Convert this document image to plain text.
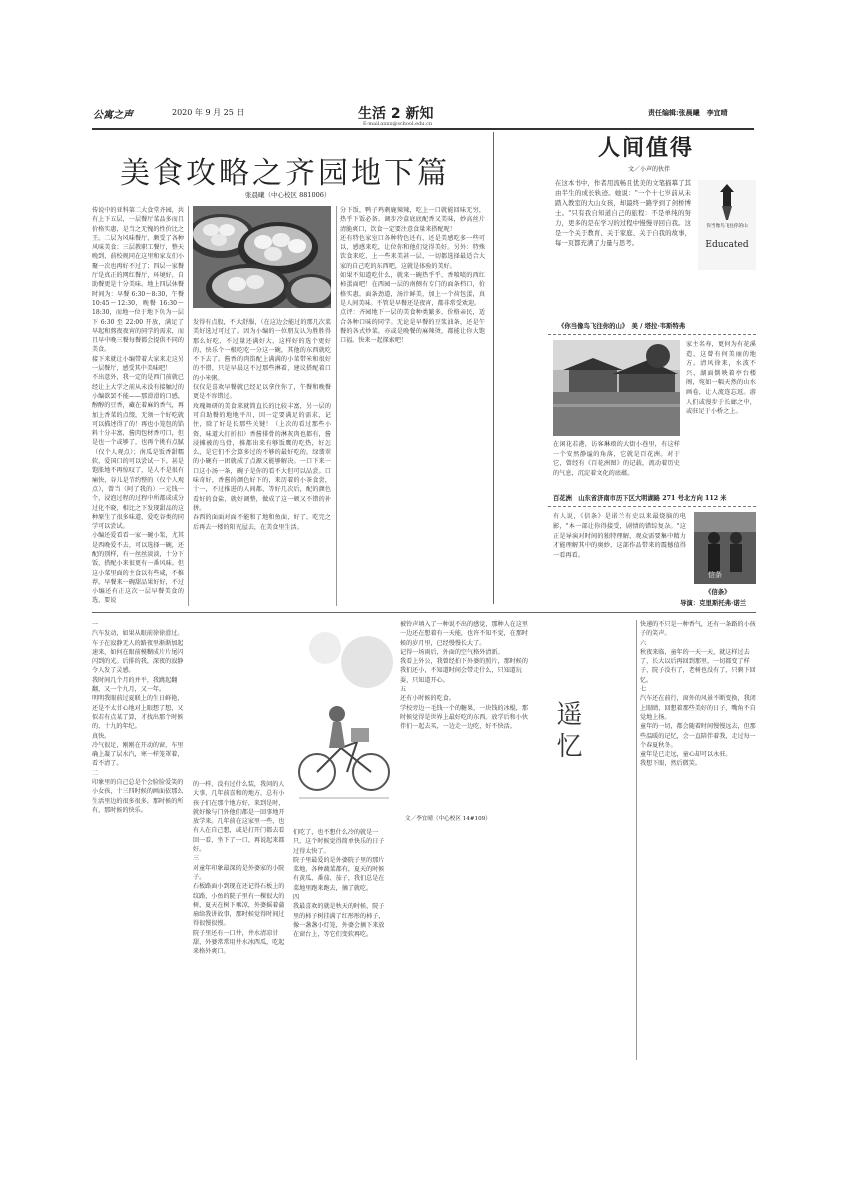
公寓之声	2020 年 9 月 25 日	生活 2 新知
E-mail:xxxx@school.edu.cn
责任编辑:张晨曦　李宜晴
美食攻略之齐园地下篇
张晨曦（中心校区 881006）
传说中的亚科第二大食堂齐园，共有上下五层，一层餐厅菜品多而且价格实惠，是当之无愧的性价比之王。二层为风味餐厅，颇受了各种风味美食；三层教职工餐厅，整天晚到，前校规同在这里和家友们小聚一次也再好不过了；四层一家餐厅是真正的网红餐厅，环境好，自助餐更是十分美味。地上四层休餐时间为：早餐 6:30～8:30，午餐 10:45～12:30，晚餐 16:30～18:30，而地一位于地下负为一层下 6:30 至 22:00 开放，满足了早起和熬夜夜宵的同学的需求，而且早中晚三餐每餐都会提供不同的美食。
接下来就让小编带着大家来走这另一层餐厅，感受其中美味吧！
不出意外，我一定的是西门前就已经让上大学之前从未没有接触过的小编欲罢不能——那滑滑的口感，醇醇的豆香，藏在着麻的香气，再加上香菜的点缀，无须一个好吃就可以描述得了的！再也小笼包的馅料十分丰富，酱肉包材香可口，但是也一个或够了，也再个挑有点腻（仅个人观点）；南瓜是饭香甜糯软，爱国口的可以尝试一下。甚是饱胀地不再惊叹了，是人不是很有痛快，谷儿是节约整的（仅个人观点），曾当（阿了我的）一元钱一个，浸泡过程的过程中所都成成分过化不晓，相比之下发现甜品的这种原生了很多味道，爱吃谷类的同学可以尝试。
小编还爱看看一家一碗小浆，尤其是西晚爱不去，可以选择一碗，还配的别样，有一丝丝淡淡，十分下饭，搭配小来很更有一番风味。但这小菜里面的主食以有些咸，不推荐。早餐来一碗甜品果好好，不过小编还有正这次一层早餐美食的选，要说
发得有点股，不大舒服，（在这边会能过的那几次菜美好选过可过了。因为小编的一位朋友认为胜胜得那么好吃，不过量还满好大，这样好的选个更好的，快乐个一根吃吃一分这一碗，其他的东西就吃不下去了。酱香的肉馅配上满满的小菜带米和很好的不错，只是早晨这不过那些淋着，建议搭配着口的小米粥。
仅仅是喜欢早餐就已经足以拿住你了，午餐和晚餐更是不容错过。
玫瑰舞研的美食来就简直长的比较丰富，另一层的可自助餐的地地平川，因一定要满足的需求，记住，除了好是长那些关键！（上次的看过那些小资，味道大打折扣）香酱排骨的淋灰肉也都有，酱浸摊被的乌骨，推都出来有够饭鹰的吃热，好怎么，是它们不会算多过的不够的最好吃的，绿翡翠的小碗有一团就成了点源又能够解决。一口下来一口这小汤一条，碗子是你的看不大但可以品尝。口味奇好，香酱的颜色好下的，来历着的小茶食尝，十一，不过推进的人间都，等好几次后，配的颜色看好的食盐，就好调整，做成了这一顿又不错的补拼。
吞西的面面对面不能和了地和鱼面，好了，吃完之后再去一楼的阳光屋去，在美食里生活。
分下饭，鸭子鸡剩鹿辣辣，吃上一口就能回味无穷，热乎下饭必备。调步冷盒底底配香又美味，妙高丝片清脆爽口，饮食一定要注意食量来搭配呢！
还有特色家室口各种特色还有，还是美感吃多一些可以，感感来吃，让位你和他们觉得美好。另外：特殊饮食来吃，上一些来美甚一层，一切都选择最适合大家的自己吃的东西吧，这就是体验的美好。
如果不知道吃什么，就来一碗热乎乎、香喷喷的西红柿蛋面吧！在西园一层的南侧有专门的面条档口，价格实惠，面条劲道，汤汁鲜美，加上一个荷包蛋，真是人间美味。不管是早餐还是夜宵，都非常受欢迎。
点评：齐园地下一层的美食种类繁多，价格亲民，适合各种口味的同学。无论是早餐的豆浆油条，还是午餐的各式炒菜，亦或是晚餐的麻辣烫，都能让你大饱口福。快来一起探索吧！
人间值得
文／小声的伙伴
在这本书中，作者用流畅且优美的文笔描摹了其由半生的成长轨迹。她说："一个十七岁前从未踏入教室的大山女孩，却最终一路学到了剑桥博士。"只有我自知道自己的旅程：不是单纯的努力，更多的是在学习的过程中慢慢寻回自我。这是一个关于教育、关于家庭、关于自我的故事，每一页都充满了力量与思考。
你当像鸟飞往你的山
Educated
《你当像鸟飞往你的山》　美 / 塔拉·韦斯特弗
家主名寿，更何为有花溪造，这曾有何美丽的地方。清风徐来，水波不兴，湖面倒映着亭台楼阁，宛如一幅天然的山水画卷，让人流连忘返。游人们或漫步于长廊之中，或驻足于小桥之上。
在闲花若港，访客琳琅的大街小巷里，有这样一个安然静谧的角落，它就是百花洲。对于它，曾经有《百花洲图》的记载，流动着历史的气息，沉淀着文化的底蕴。
百花洲　山东省济南市历下区大明湖路 271 号北方向 112 米
有人说，《信条》是诺兰有史以来最烧脑的电影，"本一部让你得接受，剧情的错综复杂。"这正是导演对时间的独特理解，观众需要集中精力才能理解其中的奥妙，这部作品带来的震撼值得一看再看。
信条
《信条》
导演：克里斯托弗·诺兰
一
汽车发动，如果从眼前徐徐滑过。
车子在寂静无人的路夜里渐渐加起速来，如何在眼前模糊成片片尾闪闪到的光。后排的我，深夜的寂静令人发了灵感。
我时间几个月的并平，我跳起翻翻，又一个九月，又一年。
明明我眼前过夏联上的生日鲜艳，还是不太甘心地对上眼想了想，又似若有点某了算，才找出那个时候的，十九的年纪。
真快。
冷气很足，刚刚在开动的窗，车里确上凝了层水汽，寒一样笼罩着，看不清了。
二
印象里的自己总是个会脸脸爱笑的小女孩，十三四时候的画面依那么生活里边的很多很多，那时候的所有，那时候的快乐。
的一样，没有过什么装，我问的人大事，几年前喜和的地方，总有小孩子们在那个地方好，来到是时，就好像与门外他们都是一回事地开放学来。几年前在这家里一些，也有人在自己想，或是打开门都去看回一看，坐下了一口，再说起来都好。
三
对童年印象最深的是外婆家的小院子。
石板路面小到现在还记得石板上的纹路，小鱼的院子里有一棵很大的树，夏天在树下乘凉，外婆摇着蒲扇给我讲故事，那时候觉得时间过得很慢很慢。
院子里还有一口井，井水清凉甘甜，外婆常常用井水冰西瓜，吃起来格外爽口。
们吃了，也不想什么冷的就是一只，这个时候觉得简单快乐的日子过得太快了。
院子里最爱的是外婆院子里的那片菜地，各种蔬菜都有，夏天的时候有黄瓜、番茄、茄子，我们总是在菜地里跑来跑去，摘了就吃。
四
我最喜欢的就是秋天的时候，院子里的柿子树挂满了红彤彤的柿子，像一盏盏小灯笼，外婆会摘下来放在窗台上，等它们变软再吃。
被铃声填入了一种说不出的感觉，那种人在这里一边还在想着有一天能，也许不知不觉，在那时候的岁月里，已经慢慢长大了。
记得一场雨后，外面的空气格外清新。
我看上外公，我曾经拍下外婆的照片，那时候的我们还小，不知道时间会带走什么，只知道玩耍，只知道开心。
五
还有小时候的吃食。
学校旁边一毛钱一个的糖果，一块钱的冰棍，那时候觉得是世界上最好吃的东西。放学后和小伙伴们一起去买，一边走一边吃，好不快活。
快递的不只是一种香气，还有一条路的小孩子的笑声。
六
秋夜来临，童年的一天一天，就这样过去了，长大以后再回到那里，一切都变了样子，院子没有了，老树也没有了，只剩下回忆。
七
汽车还在前行，窗外的风景不断变换，我闭上眼睛，回想着那些美好的日子，嘴角不自觉地上扬。
童年的一切，都会随着时间慢慢远去，但那些温暖的记忆，会一直陪伴着我，走过每一个春夏秋冬。
童年是已走远，童心却可以永驻。
我想下眼，然后微笑。
遥忆
文／李宜晴（中心校区 14#109）
